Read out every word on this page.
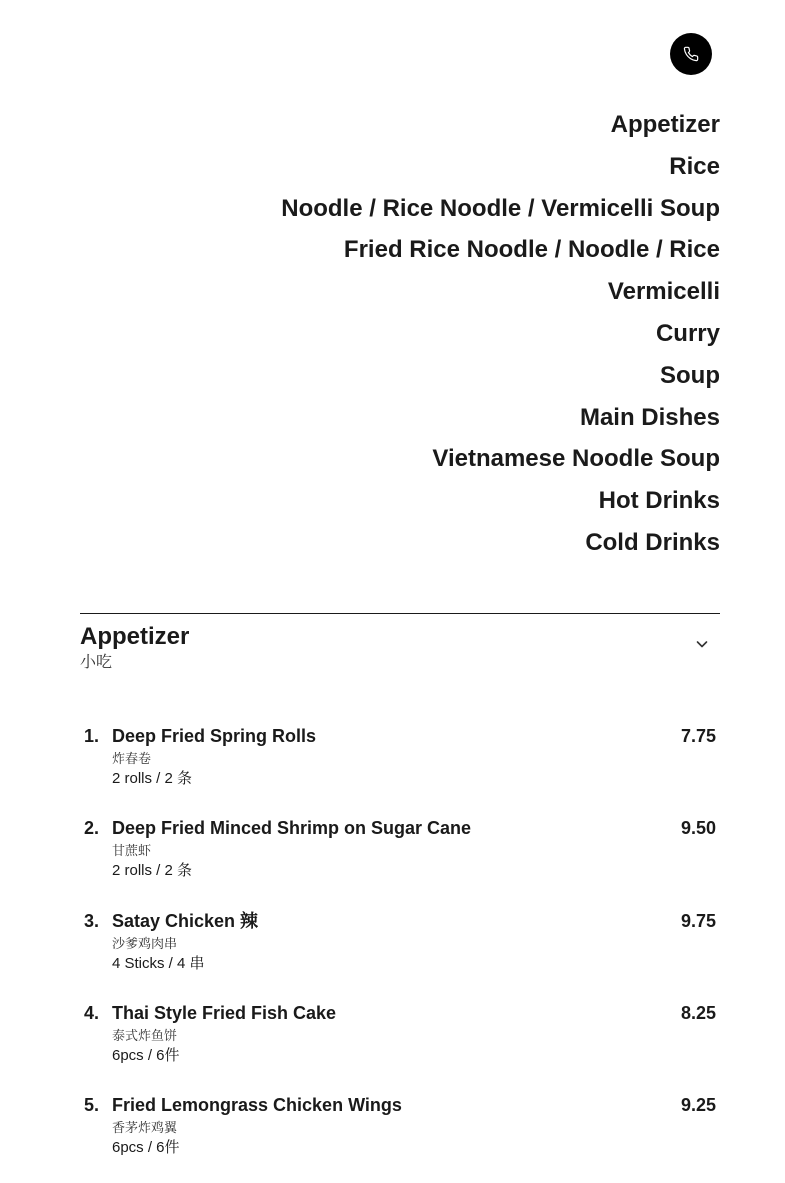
Appetizer
Rice
Noodle / Rice Noodle / Vermicelli Soup
Fried Rice Noodle / Noodle / Rice
Vermicelli
Curry
Soup
Main Dishes
Vietnamese Noodle Soup
Hot Drinks
Cold Drinks
Appetizer
小吃
1. Deep Fried Spring Rolls	7.75
炸春卷
2 rolls / 2 条
2. Deep Fried Minced Shrimp on Sugar Cane	9.50
甘蔗虾
2 rolls / 2 条
3. Satay Chicken 辣	9.75
沙爹鸡肉串
4 Sticks / 4 串
4. Thai Style Fried Fish Cake	8.25
泰式炸鱼饼
6pcs / 6件
5. Fried Lemongrass Chicken Wings	9.25
香茅炸鸡翼
6pcs / 6件
